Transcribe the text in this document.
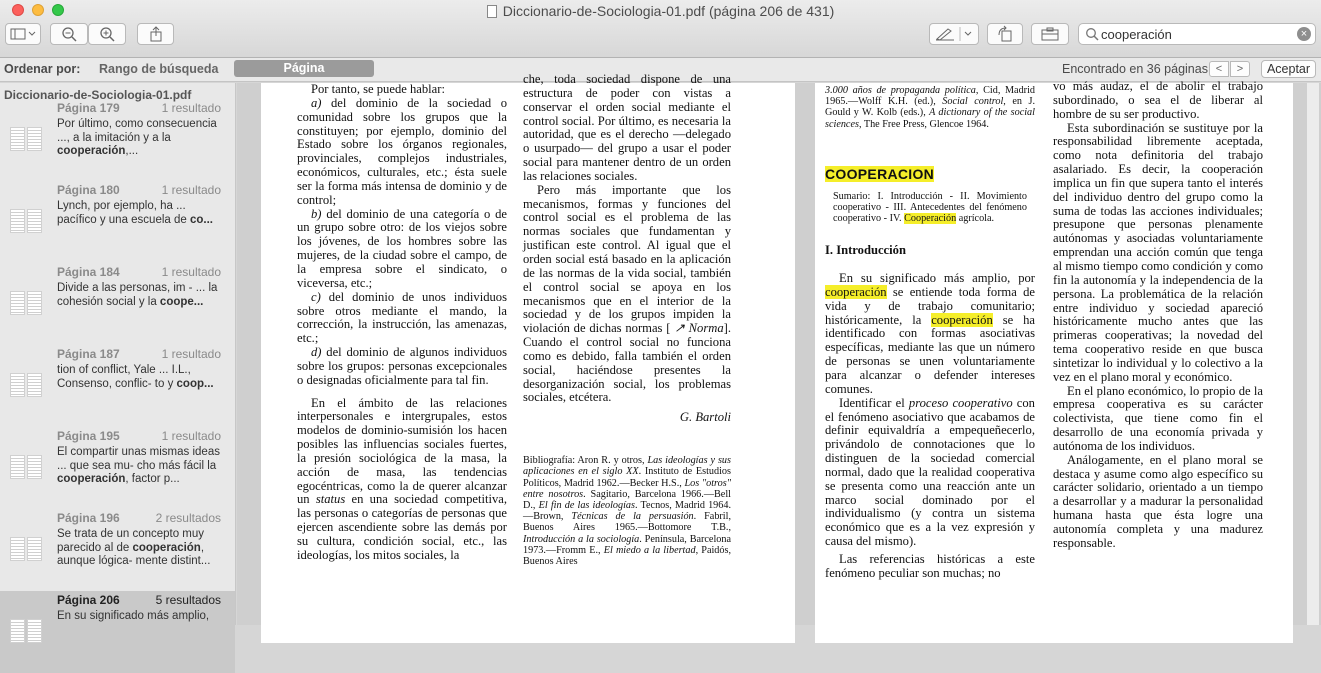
Diccionario-de-Sociologia-01.pdf (página 206 de 431)
cooperación
×
Ordenar por: Rango de búsqueda	Página	Encontrado en 36 páginas <	>	Aceptar
Diccionario-de-Sociologia-01.pdf
Página 179	1 resultado
Por último, como consecuencia ..., a la imitación y a la cooperación,...
Página 180	1 resultado
Lynch, por ejemplo, ha ... pacífico y una escuela de co...
Página 184	1 resultado
Divide a las personas, im - ... la cohesión social y la coope...
Página 187	1 resultado
tion of conflict, Yale ... I.L., Consenso, conflic- to y coop...
Página 195	1 resultado
El compartir unas mismas ideas ... que sea mu- cho más fácil la cooperación, factor p...
Página 196	2 resultados
Se trata de un concepto muy parecido al de cooperación, aunque lógica- mente distint...
Página 206	5 resultados
En su significado más amplio,

Por tanto, se puede hablar:

a) del dominio de la sociedad o comunidad sobre los grupos que la constituyen; por ejemplo, dominio del Estado sobre los órganos regionales, provinciales, complejos industriales, económicos, culturales, etc.; ésta suele ser la forma más intensa de dominio y de control;

b) del dominio de una categoría o de un grupo sobre otro: de los viejos sobre los jóvenes, de los hombres sobre las mujeres, de la ciudad sobre el campo, de la empresa sobre el sindicato, o viceversa, etc.;

c) del dominio de unos individuos sobre otros mediante el mando, la corrección, la instrucción, las amenazas, etc.;

d) del dominio de algunos individuos sobre los grupos: personas excepcionales o designadas oficialmente para tal fin.

En el ámbito de las relaciones interpersonales e intergrupales, estos modelos de dominio-sumisión los hacen posibles las influencias sociales fuertes, la presión sociológica de la masa, la acción de masa, las tendencias egocéntricas, como la de querer alcanzar un status en una sociedad competitiva, las personas o categorías de personas que ejercen ascendiente sobre las demás por su cultura, condición social, etc., las ideologías, los mitos sociales, la

che, toda sociedad dispone de una estructura de poder con vistas a conservar el orden social mediante el control social. Por último, es necesaria la autoridad, que es el derecho —delegado o usurpado— del grupo a usar el poder social para mantener dentro de un orden las relaciones sociales.

Pero más importante que los mecanismos, formas y funciones del control social es el problema de las normas sociales que fundamentan y justifican este control. Al igual que el orden social está basado en la aplicación de las normas de la vida social, también el control social se apoya en los mecanismos que en el interior de la sociedad y de los grupos impiden la violación de dichas normas [ ↗ Norma]. Cuando el control social no funciona como es debido, falla también el orden social, haciéndose presentes la desorganización social, los problemas sociales, etcétera.

G. Bartoli

Bibliografía: Aron R. y otros, Las ideologías y sus aplicaciones en el siglo XX. Instituto de Estudios Políticos, Madrid 1962.—Becker H.S., Los "otros" entre nosotros. Sagitario, Barcelona 1966.—Bell D., El fin de las ideologías. Tecnos, Madrid 1964.—Brown, Técnicas de la persuasión. Fabril, Buenos Aires 1965.—Bottomore T.B., Introducción a la sociología. Península, Barcelona 1973.—Fromm E., El miedo a la libertad, Paidós, Buenos Aires

3.000 años de propaganda política, Cid, Madrid 1965.—Wolff K.H. (ed.), Social control, en J. Gould y W. Kolb (eds.), A dictionary of the social sciences, The Free Press, Glencoe 1964.

COOPERACION

Sumario: I. Introducción - II. Movimiento cooperativo - III. Antecedentes del fenómeno cooperativo - IV. Cooperación agrícola.

I. Introducción

En su significado más amplio, por cooperación se entiende toda forma de vida y de trabajo comunitario; históricamente, la cooperación se ha identificado con formas asociativas específicas, mediante las que un número de personas se unen voluntariamente para alcanzar o defender intereses comunes.

Identificar el proceso cooperativo con el fenómeno asociativo que acabamos de definir equivaldría a empequeñecerlo, privándolo de connotaciones que lo distinguen de la sociedad comercial normal, dado que la realidad cooperativa se presenta como una reacción ante un marco social dominado por el individualismo (y contra un sistema económico que es a la vez expresión y causa del mismo).

Las referencias históricas a este fenómeno peculiar son muchas; no

vo más audaz, el de abolir el trabajo subordinado, o sea el de liberar al hombre de su ser productivo.

Esta subordinación se sustituye por la responsabilidad libremente aceptada, como nota definitoria del trabajo asalariado. Es decir, la cooperación implica un fin que supera tanto el interés del individuo dentro del grupo como la suma de todas las acciones individuales; presupone que personas plenamente autónomas y asociadas voluntariamente emprendan una acción común que tenga al mismo tiempo como condición y como fin la autonomía y la independencia de la persona. La problemática de la relación entre individuo y sociedad apareció históricamente mucho antes que las primeras cooperativas; la novedad del tema cooperativo reside en que busca sintetizar lo individual y lo colectivo a la vez en el plano moral y económico.

En el plano económico, lo propio de la empresa cooperativa es su carácter colectivista, que tiene como fin el desarrollo de una economía privada y autónoma de los individuos.

Análogamente, en el plano moral se destaca y asume como algo específico su carácter solidario, orientado a un tiempo a desarrollar y a madurar la personalidad humana hasta que ésta logre una autonomía completa y una madurez responsable.
